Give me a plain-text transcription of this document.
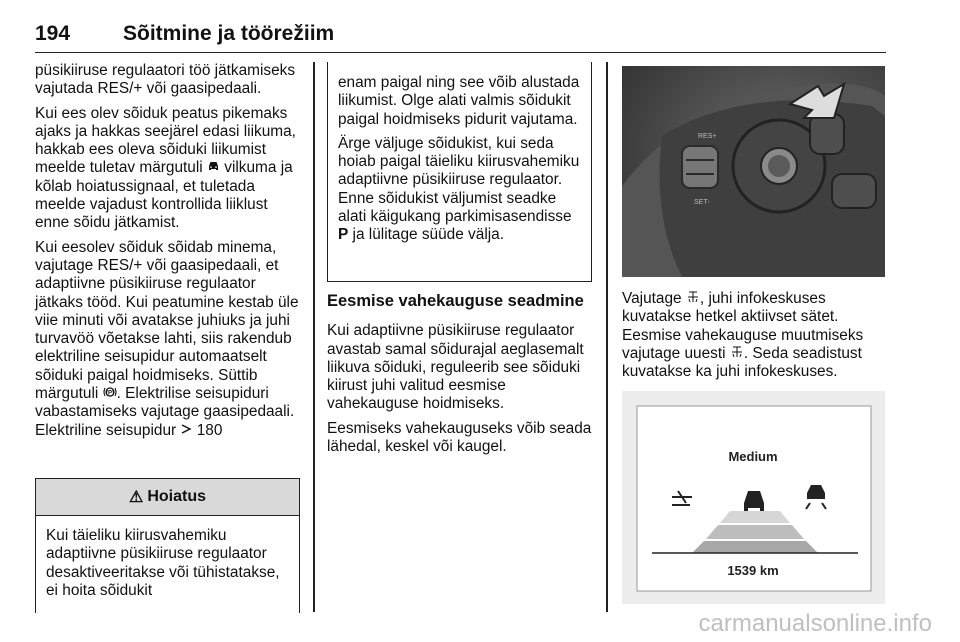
194	Sõitmine ja töörežiim

püsikiiruse regulaatori töö jätkamiseks vajutada RES/+ või gaasipedaali.

Kui ees olev sõiduk peatus pikemaks ajaks ja hakkas seejärel edasi liikuma, hakkab ees oleva sõiduki liikumist meelde tuletav märgutuli vilkuma ja kõlab hoiatussignaal, et tuletada meelde vajadust kontrollida liiklust enne sõidu jätkamist.

Kui eesolev sõiduk sõidab minema, vajutage RES/+ või gaasipedaali, et adaptiivne püsikiiruse regulaator jätkaks tööd. Kui peatumine kestab üle viie minuti või avatakse juhiuks ja juhi turvavöö võetakse lahti, siis rakendub elektriline seisupidur automaatselt sõiduki paigal hoidmiseks. Süttib märgutuli (P) . Elektrilise seisupiduri vabastamiseks vajutage gaasipedaali. Elektriline seisupidur 180

⚠ Hoiatus
Kui täieliku kiirusvahemiku adaptiivne püsikiiruse regulaator desaktiveeritakse või tühistatakse, ei hoita sõidukit

enam paigal ning see võib alustada liikumist. Olge alati valmis sõidukit paigal hoidmiseks pidurit vajutama.

Ärge väljuge sõidukist, kui seda hoiab paigal täieliku kiirusvahemiku adaptiivne püsikiiruse regulaator. Enne sõidukist väljumist seadke alati käigukang parkimisasendisse P ja lülitage süüde välja.

Eesmise vahekauguse seadmine

Kui adaptiivne püsikiiruse regulaator avastab samal sõidurajal aeglasemalt liikuva sõiduki, reguleerib see sõiduki kiirust juhi valitud eesmise vahekauguse hoidmiseks.

Eesmiseks vahekauguseks võib seada lähedal, keskel või kaugel.

RES+
SET-

Vajutage , juhi infokeskuses kuvatakse hetkel aktiivset sätet. Eesmise vahekauguse muutmiseks vajutage uuesti . Seda seadistust kuvatakse ka juhi infokeskuses.

Medium
1539 km
carmanualsonline.info
